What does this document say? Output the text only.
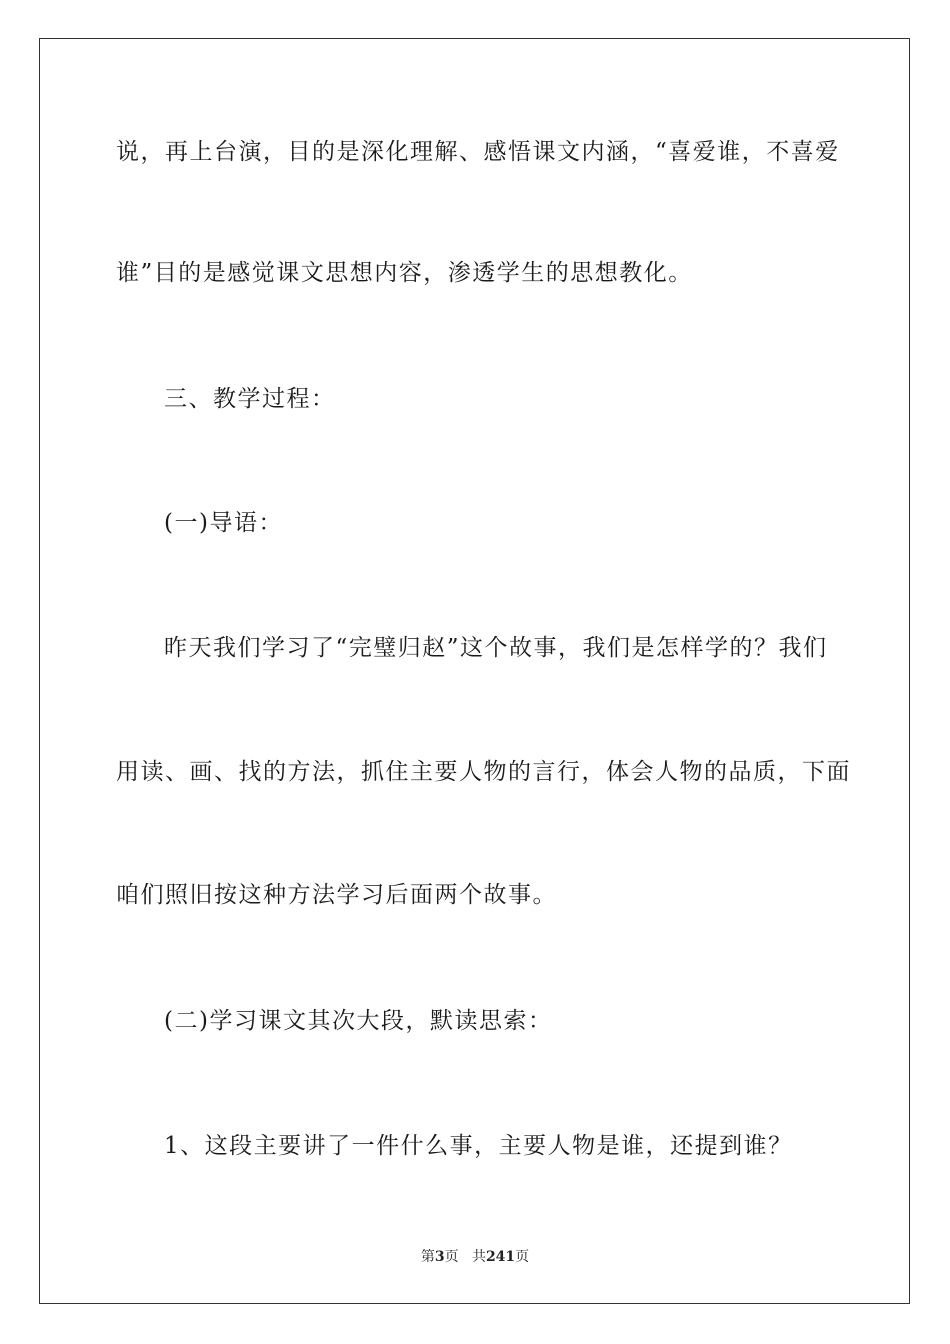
说，再上台演，目的是深化理解、感悟课文内涵，“喜爱谁，不喜爱
谁”目的是感觉课文思想内容，渗透学生的思想教化。
三、教学过程：
(一)导语：
昨天我们学习了“完璧归赵”这个故事，我们是怎样学的？我们
用读、画、找的方法，抓住主要人物的言行，体会人物的品质，下面
咱们照旧按这种方法学习后面两个故事。
(二)学习课文其次大段，默读思索：
1、这段主要讲了一件什么事，主要人物是谁，还提到谁？
第3页 共241页
